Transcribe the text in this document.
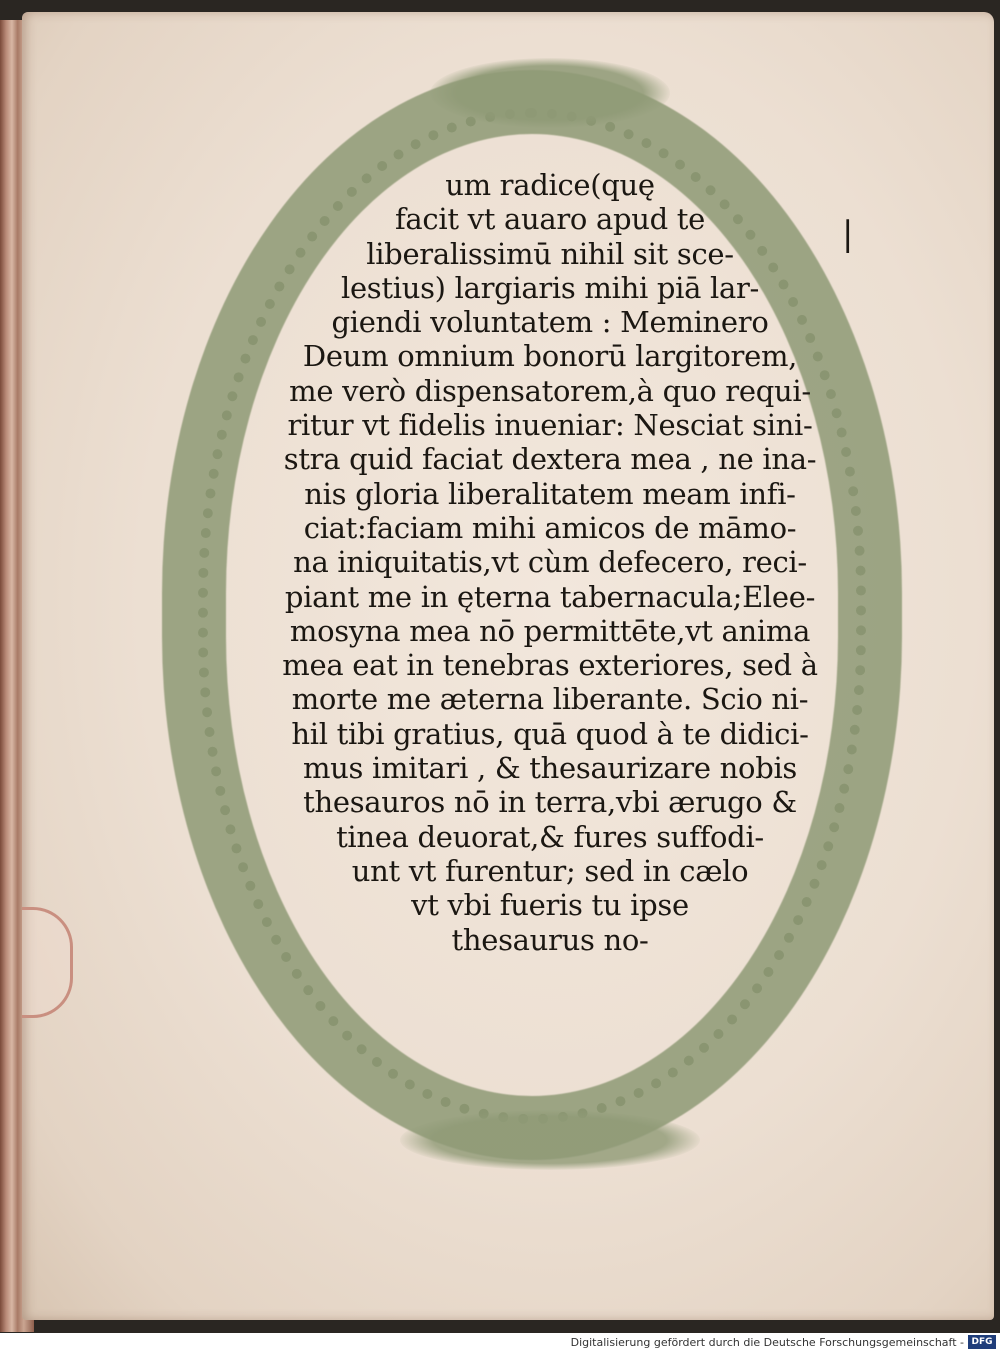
|
um radice(quę
facit vt auaro apud te
liberalissimū nihil sit sce-
lestius) largiaris mihi piā lar-
giendi voluntatem : Meminero
Deum omnium bonorū largitorem,
me verò dispensatorem,à quo requi-
ritur vt fidelis inueniar: Nesciat sini-
stra quid faciat dextera mea , ne ina-
nis gloria liberalitatem meam infi-
ciat:faciam mihi amicos de māmo-
na iniquitatis,vt cùm defecero, reci-
piant me in ęterna tabernacula;Elee-
mosyna mea nō permittēte,vt anima
mea eat in tenebras exteriores, sed à
morte me æterna liberante. Scio ni-
hil tibi gratius, quā quod à te didici-
mus imitari , & thesaurizare nobis
thesauros nō in terra,vbi ærugo &
tinea deuorat,& fures suffodi-
unt vt furentur; sed in cælo
vt vbi fueris tu ipse
thesaurus no-
Digitalisierung gefördert durch die Deutsche Forschungsgemeinschaft - DFG
